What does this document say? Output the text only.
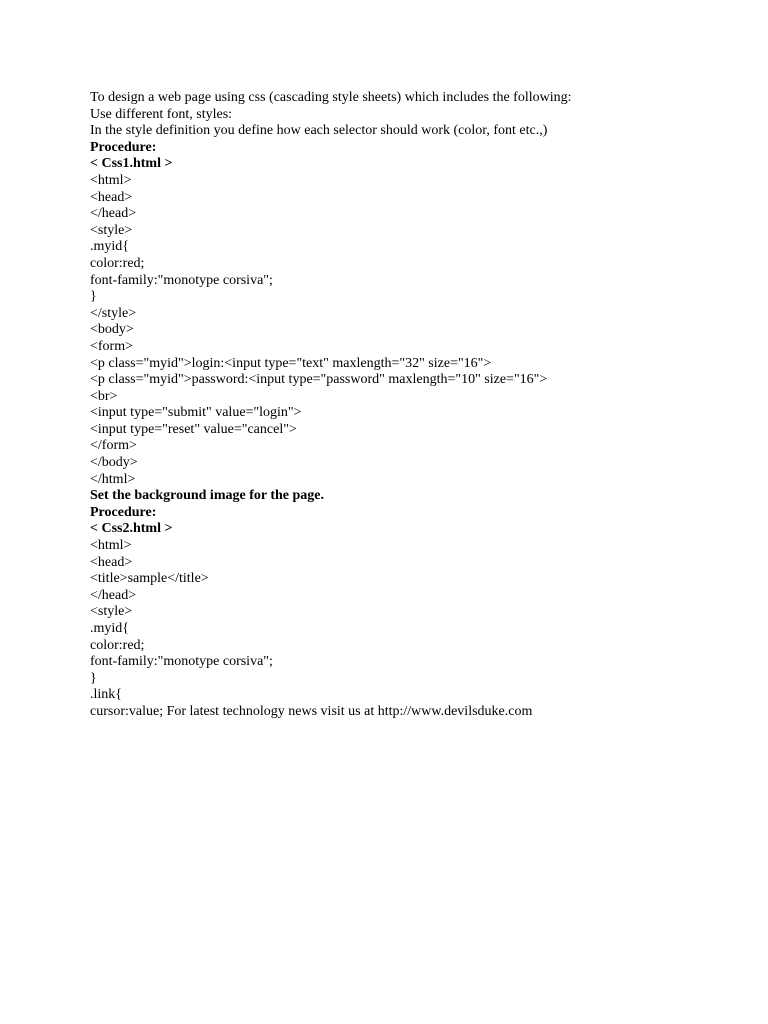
To design a web page using css (cascading style sheets) which includes the following:
Use different font, styles:
In the style definition you define how each selector should work (color, font etc.,)
Procedure:
< Css1.html >
<html>
<head>
</head>
<style>
.myid{
color:red;
font-family:"monotype corsiva";
}
</style>
<body>
<form>
<p class="myid">login:<input type="text" maxlength="32" size="16">
<p class="myid">password:<input type="password" maxlength="10" size="16">
<br>
<input type="submit" value="login">
<input type="reset" value="cancel">
</form>
</body>
</html>
Set the background image for the page.
Procedure:
< Css2.html >
<html>
<head>
<title>sample</title>
</head>
<style>
.myid{
color:red;
font-family:"monotype corsiva";
}
.link{
cursor:value; For latest technology news visit us at http://www.devilsduke.com
